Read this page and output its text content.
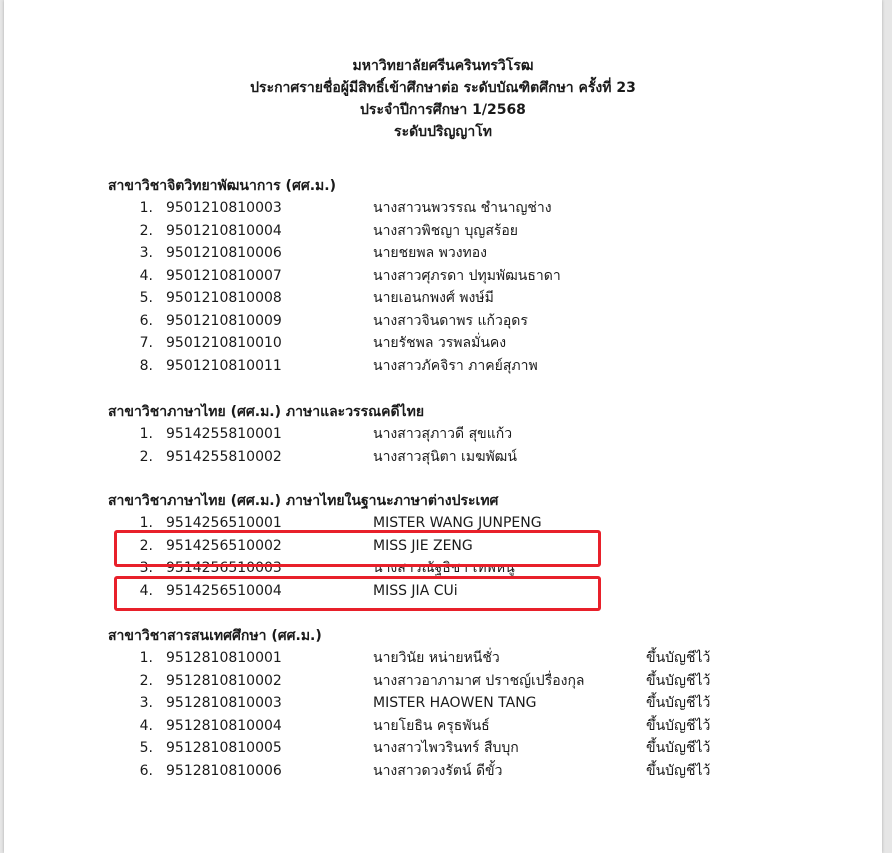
มหาวิทยาลัยศรีนครินทรวิโรฒ
ประกาศรายชื่อผู้มีสิทธิ์เข้าศึกษาต่อ ระดับบัณฑิตศึกษา ครั้งที่ 23
ประจำปีการศึกษา 1/2568
ระดับปริญญาโท
สาขาวิชาจิตวิทยาพัฒนาการ (ศศ.ม.)
1. 9501210810003	นางสาวนพวรรณ ชำนาญช่าง
2. 9501210810004	นางสาวพิชญา บุญสร้อย
3. 9501210810006	นายชยพล พวงทอง
4. 9501210810007	นางสาวศุภรดา ปทุมพัฒนธาดา
5. 9501210810008	นายเอนกพงศ์ พงษ์มี
6. 9501210810009	นางสาวจินดาพร แก้วอุดร
7. 9501210810010	นายรัชพล วรพลมั่นคง
8. 9501210810011	นางสาวภัคจิรา ภาคย์สุภาพ
สาขาวิชาภาษาไทย (ศศ.ม.) ภาษาและวรรณคดีไทย
1. 9514255810001	นางสาวสุภาวดี สุขแก้ว
2. 9514255810002	นางสาวสุนิตา เมฆพัฒน์
สาขาวิชาภาษาไทย (ศศ.ม.) ภาษาไทยในฐานะภาษาต่างประเทศ
1. 9514256510001	MISTER WANG JUNPENG
2. 9514256510002	MISS JIE ZENG
3. 9514256510003	นางสาวณัฐธิชา เทพหนู
4. 9514256510004	MISS JIA CUi
สาขาวิชาสารสนเทศศึกษา (ศศ.ม.)
1. 9512810810001	นายวินัย หน่ายหนีชั่ว	ขึ้นบัญชีไว้
2. 9512810810002	นางสาวอาภามาศ ปราชญ์เปรื่องกุล	ขึ้นบัญชีไว้
3. 9512810810003	MISTER HAOWEN TANG	ขึ้นบัญชีไว้
4. 9512810810004	นายโยธิน ครุธพันธ์	ขึ้นบัญชีไว้
5. 9512810810005	นางสาวไพวรินทร์ สืบบุก	ขึ้นบัญชีไว้
6. 9512810810006	นางสาวดวงรัตน์ ดีขั้ว	ขึ้นบัญชีไว้
